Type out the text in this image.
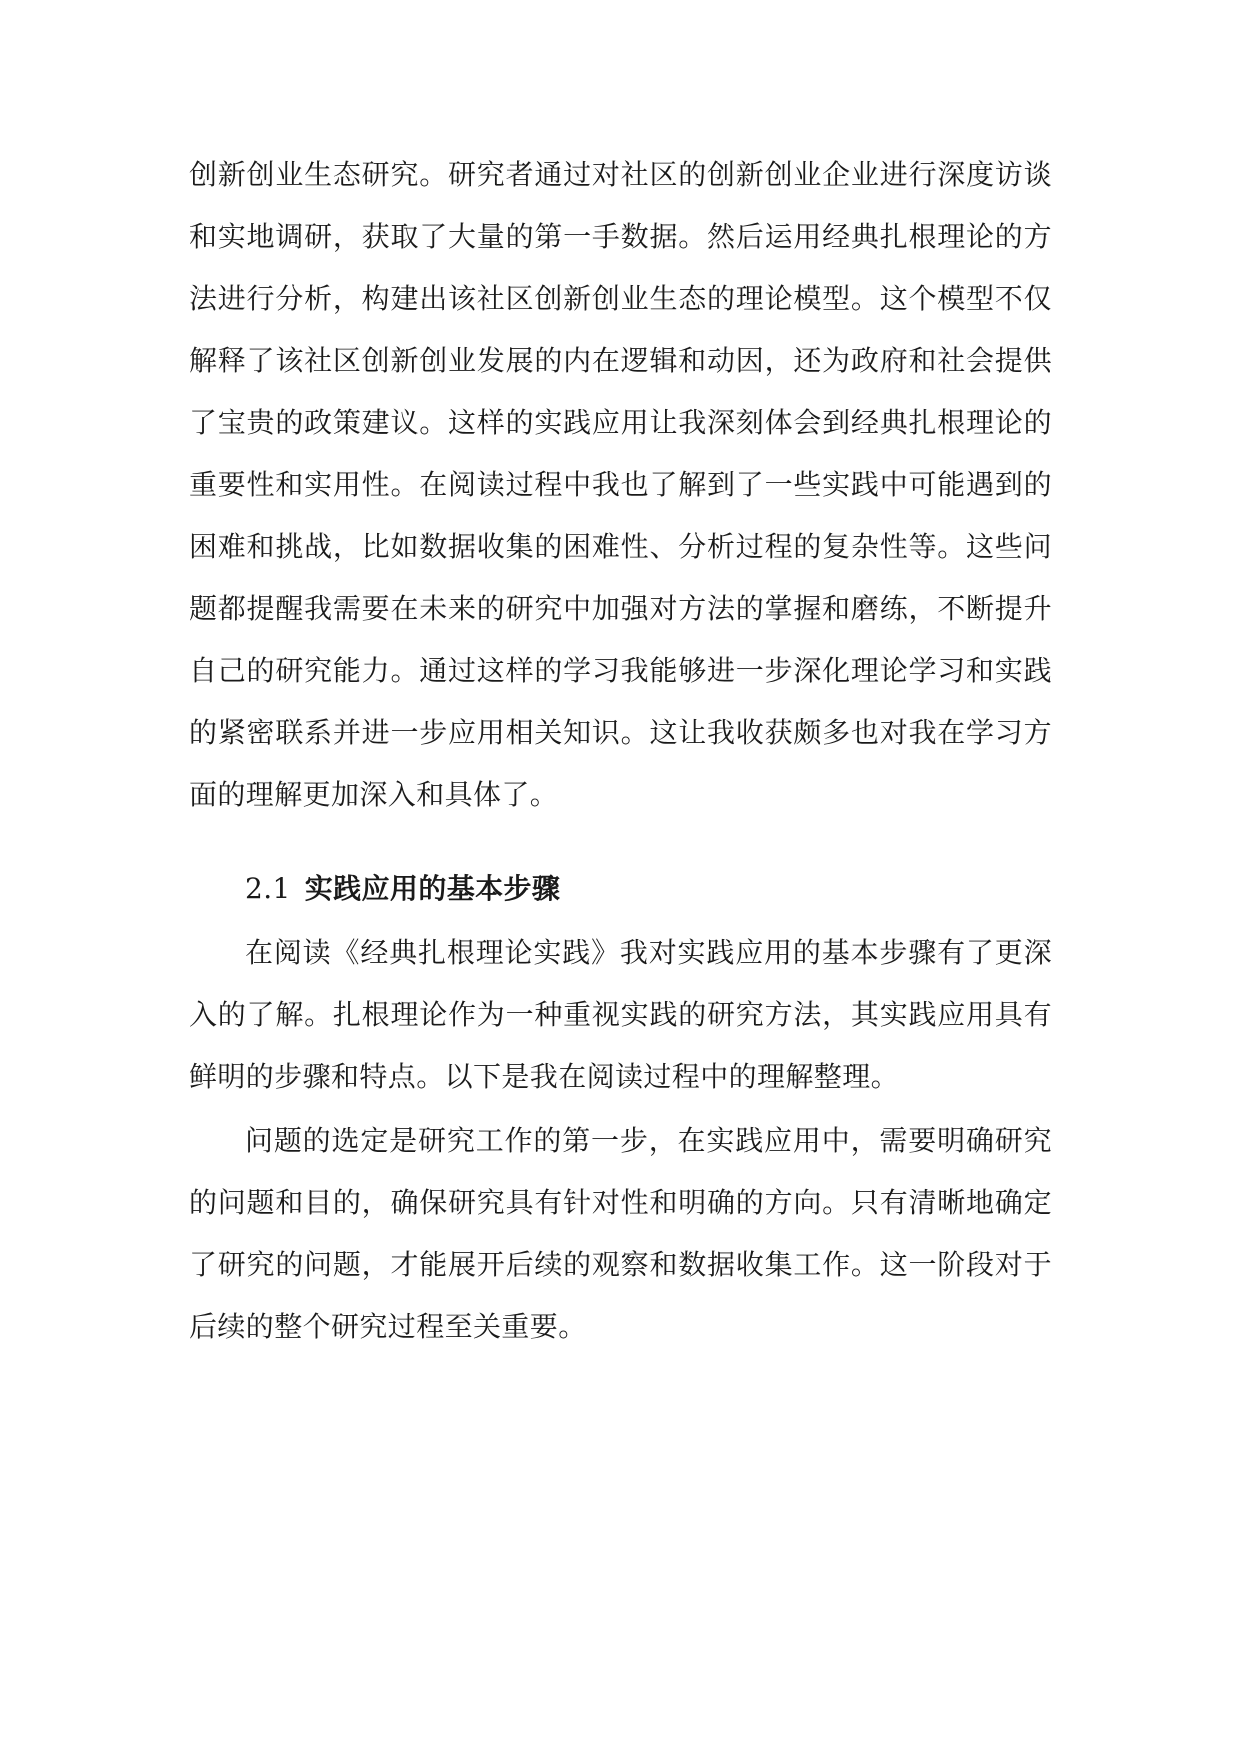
创新创业生态研究。研究者通过对社区的创新创业企业进行深度访谈和实地调研，获取了大量的第一手数据。然后运用经典扎根理论的方法进行分析，构建出该社区创新创业生态的理论模型。这个模型不仅解释了该社区创新创业发展的内在逻辑和动因，还为政府和社会提供了宝贵的政策建议。这样的实践应用让我深刻体会到经典扎根理论的重要性和实用性。在阅读过程中我也了解到了一些实践中可能遇到的困难和挑战，比如数据收集的困难性、分析过程的复杂性等。这些问题都提醒我需要在未来的研究中加强对方法的掌握和磨练，不断提升自己的研究能力。通过这样的学习我能够进一步深化理论学习和实践的紧密联系并进一步应用相关知识。这让我收获颇多也对我在学习方面的理解更加深入和具体了。

2.1 实践应用的基本步骤

在阅读《经典扎根理论实践》我对实践应用的基本步骤有了更深入的了解。扎根理论作为一种重视实践的研究方法，其实践应用具有鲜明的步骤和特点。以下是我在阅读过程中的理解整理。

问题的选定是研究工作的第一步，在实践应用中，需要明确研究的问题和目的，确保研究具有针对性和明确的方向。只有清晰地确定了研究的问题，才能展开后续的观察和数据收集工作。这一阶段对于后续的整个研究过程至关重要。
